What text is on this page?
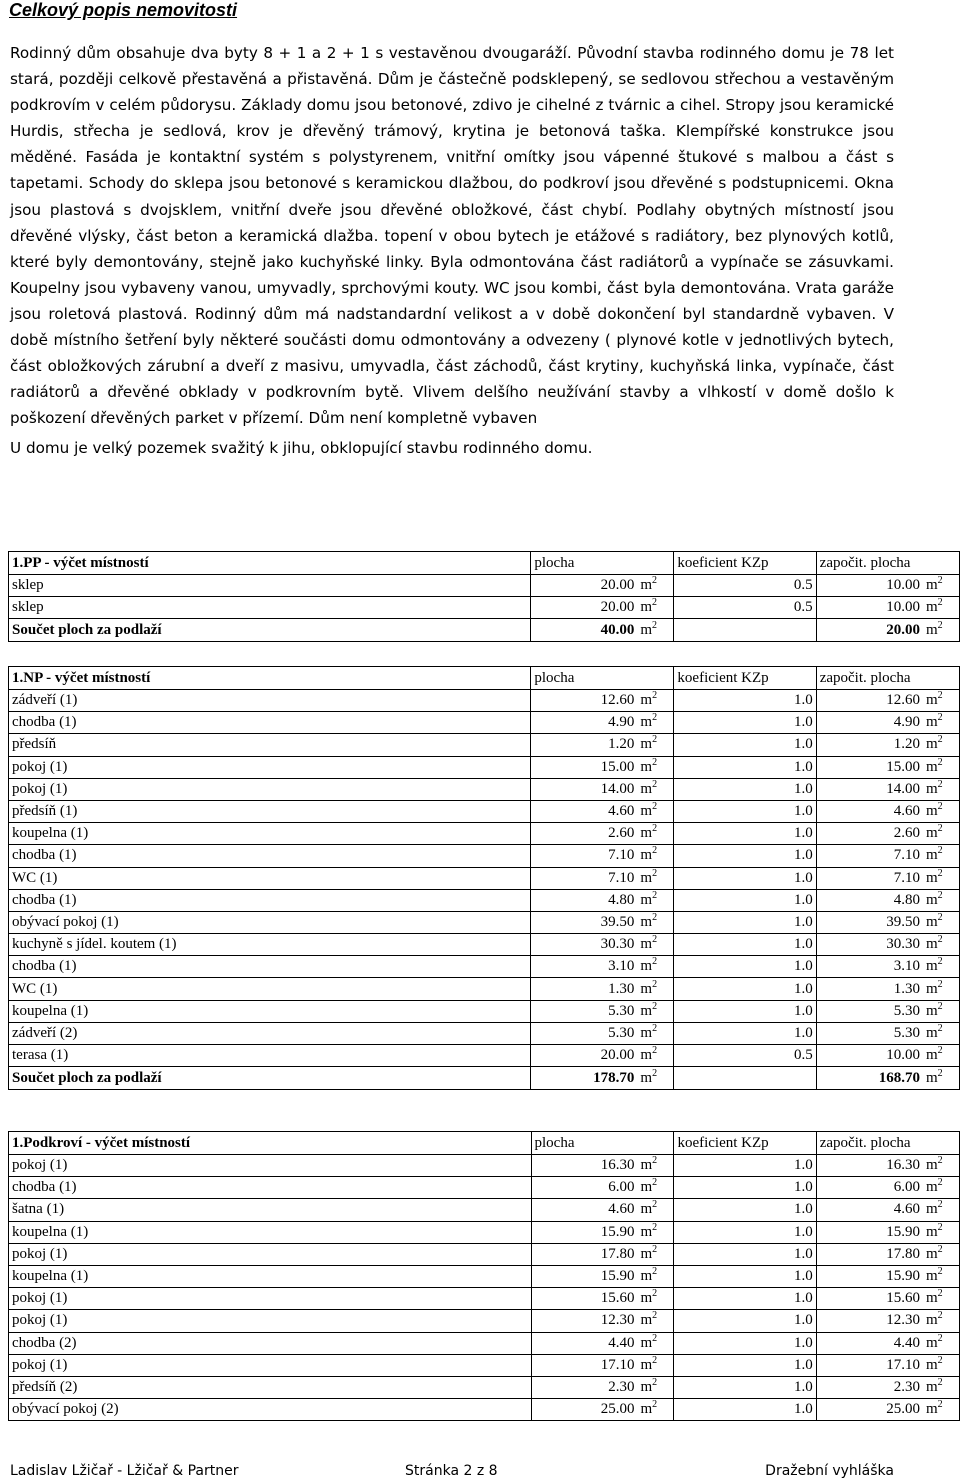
Celkový popis nemovitosti

Rodinný dům obsahuje dva byty 8 + 1 a 2 + 1 s vestavěnou dvougaráží. Původní stavba rodinného domu je 78 let stará, později celkově přestavěná a přistavěná. Dům je částečně podsklepený, se sedlovou střechou a vestavěným podkrovím v celém půdorysu. Základy domu jsou betonové, zdivo je cihelné z tvárnic a cihel. Stropy jsou keramické Hurdis, střecha je sedlová, krov je dřevěný trámový, krytina je betonová taška. Klempířské konstrukce jsou měděné. Fasáda je kontaktní systém s polystyrenem, vnitřní omítky jsou vápenné štukové s malbou a část s tapetami. Schody do sklepa jsou betonové s keramickou dlažbou, do podkroví jsou dřevěné s podstupnicemi. Okna jsou plastová s dvojsklem, vnitřní dveře jsou dřevěné obložkové, část chybí. Podlahy obytných místností jsou dřevěné vlýsky, část beton a keramická dlažba. topení v obou bytech je etážové s radiátory, bez plynových kotlů, které byly demontovány, stejně jako kuchyňské linky. Byla odmontována část radiátorů a vypínače se zásuvkami. Koupelny jsou vybaveny vanou, umyvadly, sprchovými kouty. WC jsou kombi, část byla demontována. Vrata garáže jsou roletová plastová. Rodinný dům má nadstandardní velikost a v době dokončení byl standardně vybaven. V době místního šetření byly některé součásti domu odmontovány a odvezeny ( plynové kotle v jednotlivých bytech, část obložkových zárubní a dveří z masivu, umyvadla, část záchodů, část krytiny, kuchyňská linka, vypínače, část radiátorů a dřevěné obklady v podkrovním bytě. Vlivem delšího neužívání stavby a vlhkostí v domě došlo k poškození dřevěných parket v přízemí. Dům není kompletně vybaven

U domu je velký pozemek svažitý k jihu, obklopující stavbu rodinného domu.

1.PP - výčet místností	plocha	koeficient KZp	započit. plocha
sklep	20.00 $m^2$	0.5	10.00 $m^2$
sklep	20.00 $m^2$	0.5	10.00 $m^2$
Součet ploch za podlaží	40.00 $m^2$		20.00 $m^2$
1.NP - výčet místností	plocha	koeficient KZp	započit. plocha
zádveří (1)	12.60 $m^2$	1.0	12.60 $m^2$
chodba (1)	4.90 $m^2$	1.0	4.90 $m^2$
předsíň	1.20 $m^2$	1.0	1.20 $m^2$
pokoj (1)	15.00 $m^2$	1.0	15.00 $m^2$
pokoj (1)	14.00 $m^2$	1.0	14.00 $m^2$
předsíň (1)	4.60 $m^2$	1.0	4.60 $m^2$
koupelna (1)	2.60 $m^2$	1.0	2.60 $m^2$
chodba (1)	7.10 $m^2$	1.0	7.10 $m^2$
WC (1)	7.10 $m^2$	1.0	7.10 $m^2$
chodba (1)	4.80 $m^2$	1.0	4.80 $m^2$
obývací pokoj (1)	39.50 $m^2$	1.0	39.50 $m^2$
kuchyně s jídel. koutem (1)	30.30 $m^2$	1.0	30.30 $m^2$
chodba (1)	3.10 $m^2$	1.0	3.10 $m^2$
WC (1)	1.30 $m^2$	1.0	1.30 $m^2$
koupelna (1)	5.30 $m^2$	1.0	5.30 $m^2$
zádveří (2)	5.30 $m^2$	1.0	5.30 $m^2$
terasa (1)	20.00 $m^2$	0.5	10.00 $m^2$
Součet ploch za podlaží	178.70 $m^2$		168.70 $m^2$
1.Podkroví - výčet místností	plocha	koeficient KZp	započit. plocha
pokoj (1)	16.30 $m^2$	1.0	16.30 $m^2$
chodba (1)	6.00 $m^2$	1.0	6.00 $m^2$
šatna (1)	4.60 $m^2$	1.0	4.60 $m^2$
koupelna (1)	15.90 $m^2$	1.0	15.90 $m^2$
pokoj (1)	17.80 $m^2$	1.0	17.80 $m^2$
koupelna (1)	15.90 $m^2$	1.0	15.90 $m^2$
pokoj (1)	15.60 $m^2$	1.0	15.60 $m^2$
pokoj (1)	12.30 $m^2$	1.0	12.30 $m^2$
chodba (2)	4.40 $m^2$	1.0	4.40 $m^2$
pokoj (1)	17.10 $m^2$	1.0	17.10 $m^2$
předsíň (2)	2.30 $m^2$	1.0	2.30 $m^2$
obývací pokoj (2)	25.00 $m^2$	1.0	25.00 $m^2$
Ladislav Lžičař - Lžičař & Partner	Stránka 2 z 8	Dražební vyhláška
